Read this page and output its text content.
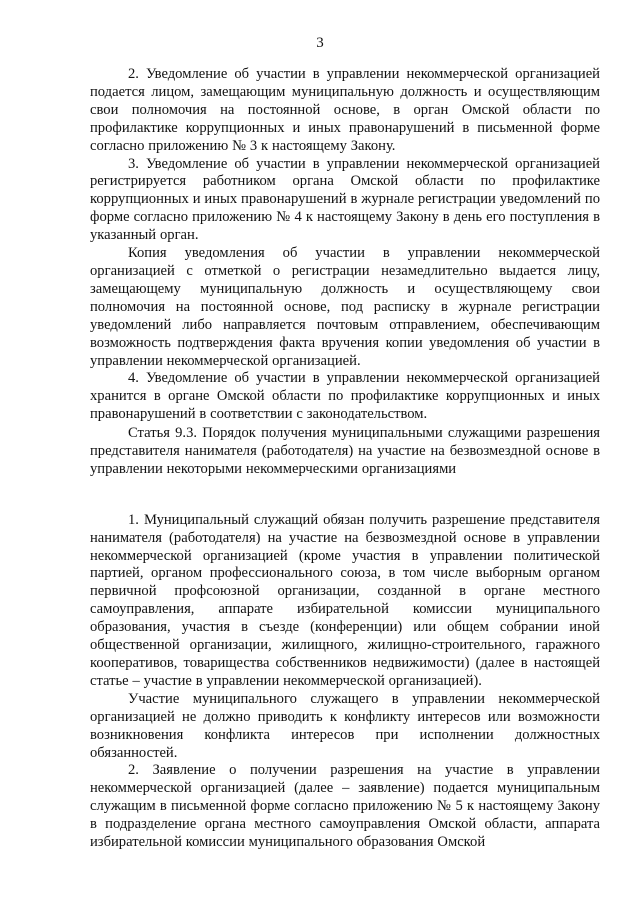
3

2. Уведомление об участии в управлении некоммерческой организацией подается лицом, замещающим муниципальную должность и осуществляющим свои полномочия на постоянной основе, в орган Омской области по профилактике коррупционных и иных правонарушений в письменной форме согласно приложению № 3 к настоящему Закону.

3. Уведомление об участии в управлении некоммерческой организацией регистрируется работником органа Омской области по профилактике коррупционных и иных правонарушений в журнале регистрации уведомлений по форме согласно приложению № 4 к настоящему Закону в день его поступления в указанный орган.

Копия уведомления об участии в управлении некоммерческой организацией с отметкой о регистрации незамедлительно выдается лицу, замещающему муниципальную должность и осуществляющему свои полномочия на постоянной основе, под расписку в журнале регистрации уведомлений либо направляется почтовым отправлением, обеспечивающим возможность подтверждения факта вручения копии уведомления об участии в управлении некоммерческой организацией.

4. Уведомление об участии в управлении некоммерческой организацией хранится в органе Омской области по профилактике коррупционных и иных правонарушений в соответствии с законодательством.

Статья 9.3. Порядок получения муниципальными служащими разрешения представителя нанимателя (работодателя) на участие на безвозмездной основе в управлении некоторыми некоммерческими организациями

1. Муниципальный служащий обязан получить разрешение представителя нанимателя (работодателя) на участие на безвозмездной основе в управлении некоммерческой организацией (кроме участия в управлении политической партией, органом профессионального союза, в том числе выборным органом первичной профсоюзной организации, созданной в органе местного самоуправления, аппарате избирательной комиссии муниципального образования, участия в съезде (конференции) или общем собрании иной общественной организации, жилищного, жилищно-строительного, гаражного кооперативов, товарищества собственников недвижимости) (далее в настоящей статье – участие в управлении некоммерческой организацией).

Участие муниципального служащего в управлении некоммерческой организацией не должно приводить к конфликту интересов или возможности возникновения конфликта интересов при исполнении должностных обязанностей.

2. Заявление о получении разрешения на участие в управлении некоммерческой организацией (далее – заявление) подается муниципальным служащим в письменной форме согласно приложению № 5 к настоящему Закону в подразделение органа местного самоуправления Омской области, аппарата избирательной комиссии муниципального образования Омской
